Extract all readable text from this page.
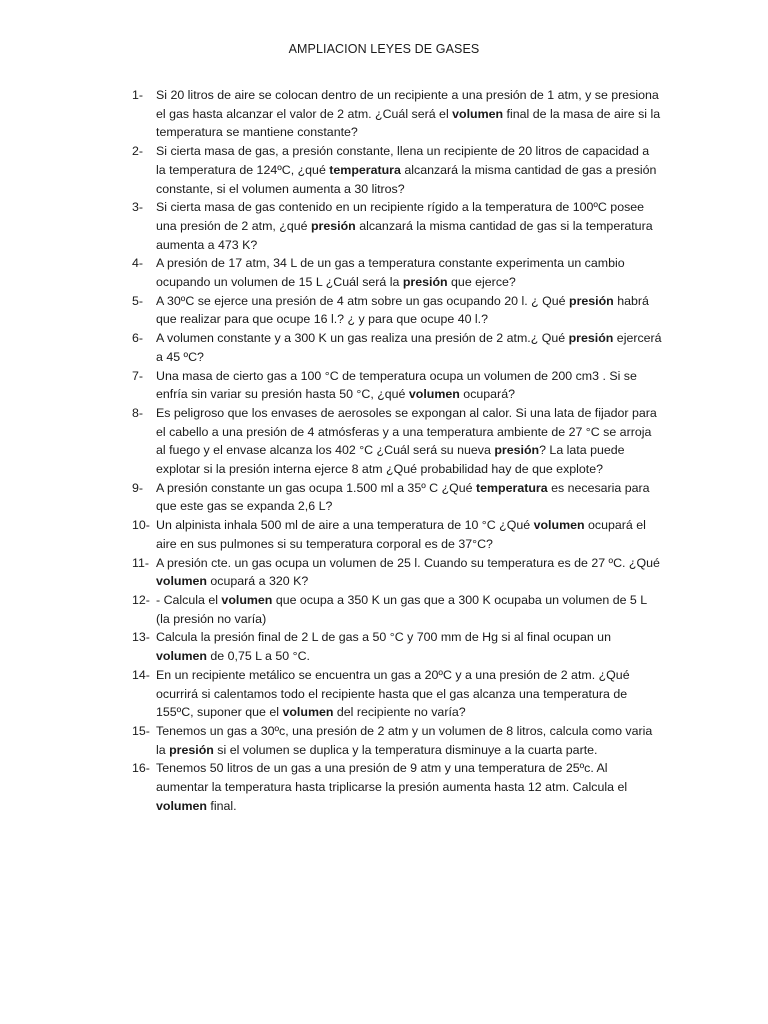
AMPLIACION LEYES DE GASES
1-	Si 20 litros de aire se colocan dentro de un recipiente a una presión de 1 atm, y se presiona el gas hasta alcanzar el valor de 2 atm. ¿Cuál será el volumen final de la masa de aire si la temperatura se mantiene constante?
2-	Si cierta masa de gas, a presión constante, llena un recipiente de 20 litros de capacidad a la temperatura de 124ºC, ¿qué temperatura alcanzará la misma cantidad de gas a presión constante, si el volumen aumenta a 30 litros?
3-	Si cierta masa de gas contenido en un recipiente rígido a la temperatura de 100ºC posee una presión de 2 atm, ¿qué presión alcanzará la misma cantidad de gas si la temperatura aumenta a 473 K?
4-	A presión de 17 atm, 34 L de un gas a temperatura constante experimenta un cambio ocupando un volumen de 15 L ¿Cuál será la presión que ejerce?
5-	A 30ºC se ejerce una presión de 4 atm sobre un gas ocupando 20 l. ¿ Qué presión habrá que realizar para que ocupe 16 l.? ¿ y para que ocupe 40 l.?
6-	A volumen constante y a 300 K un gas realiza una presión de 2 atm.¿ Qué presión ejercerá a 45 ºC?
7-	Una masa de cierto gas a 100 °C de temperatura ocupa un volumen de 200 cm3 . Si se enfría sin variar su presión hasta 50 °C, ¿qué volumen ocupará?
8-	Es peligroso que los envases de aerosoles se expongan al calor. Si una lata de fijador para el cabello a una presión de 4 atmósferas y a una temperatura ambiente de 27 °C se arroja al fuego y el envase alcanza los 402 °C ¿Cuál será su nueva presión? La lata puede explotar si la presión interna ejerce 8 atm ¿Qué probabilidad hay de que explote?
9-	A presión constante un gas ocupa 1.500 ml a 35º C ¿Qué temperatura es necesaria para que este gas se expanda 2,6 L?
10- Un alpinista inhala 500 ml de aire a una temperatura de 10 °C ¿Qué volumen ocupará el aire en sus pulmones si su temperatura corporal es de 37°C?
11- A presión cte. un gas ocupa un volumen de 25 l. Cuando su temperatura es de 27 ºC. ¿Qué volumen ocupará a 320 K?
12- - Calcula el volumen que ocupa a 350 K un gas que a 300 K ocupaba un volumen de 5 L (la presión no varía)
13- Calcula la presión final de 2 L de gas a 50 °C y 700 mm de Hg si al final ocupan un volumen de 0,75 L a 50 °C.
14- En un recipiente metálico se encuentra un gas a 20ºC y a una presión de 2 atm. ¿Qué ocurrirá si calentamos todo el recipiente hasta que el gas alcanza una temperatura de 155ºC, suponer que el volumen del recipiente no varía?
15- Tenemos un gas a 30ºc, una presión de 2 atm y un volumen de 8 litros, calcula como varia la presión si el volumen se duplica y la temperatura disminuye a la cuarta parte.
16- Tenemos 50 litros de un gas a una presión de 9 atm y una temperatura de 25ºc. Al aumentar la temperatura hasta triplicarse la presión aumenta hasta 12 atm. Calcula el volumen final.
